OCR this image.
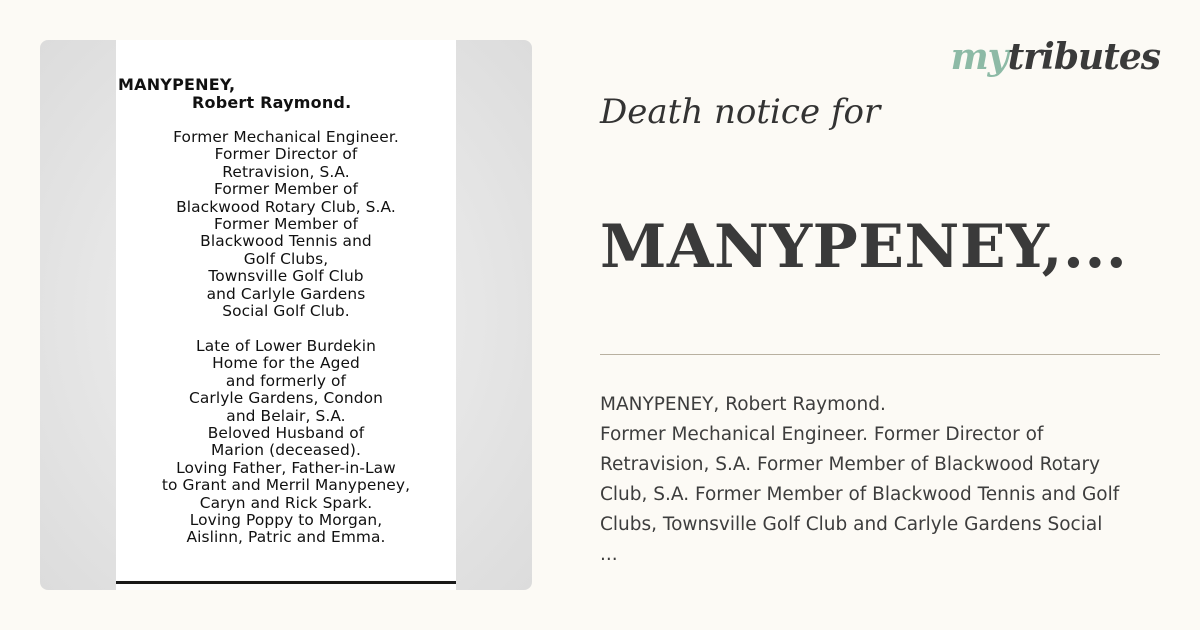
MANYPENEY,
Robert Raymond.
Former Mechanical Engineer.
Former Director of
Retravision, S.A.
Former Member of
Blackwood Rotary Club, S.A.
Former Member of
Blackwood Tennis and
Golf Clubs,
Townsville Golf Club
and Carlyle Gardens
Social Golf Club.
Late of Lower Burdekin
Home for the Aged
and formerly of
Carlyle Gardens, Condon
and Belair, S.A.
Beloved Husband of
Marion (deceased).
Loving Father, Father-in-Law
to Grant and Merril Manypeney,
Caryn and Rick Spark.
Loving Poppy to Morgan,
Aislinn, Patric and Emma.
mytributes
Death notice for
MANYPENEY,...
MANYPENEY, Robert Raymond.
Former Mechanical Engineer. Former Director of
Retravision, S.A. Former Member of Blackwood Rotary
Club, S.A. Former Member of Blackwood Tennis and Golf
Clubs, Townsville Golf Club and Carlyle Gardens Social
...
